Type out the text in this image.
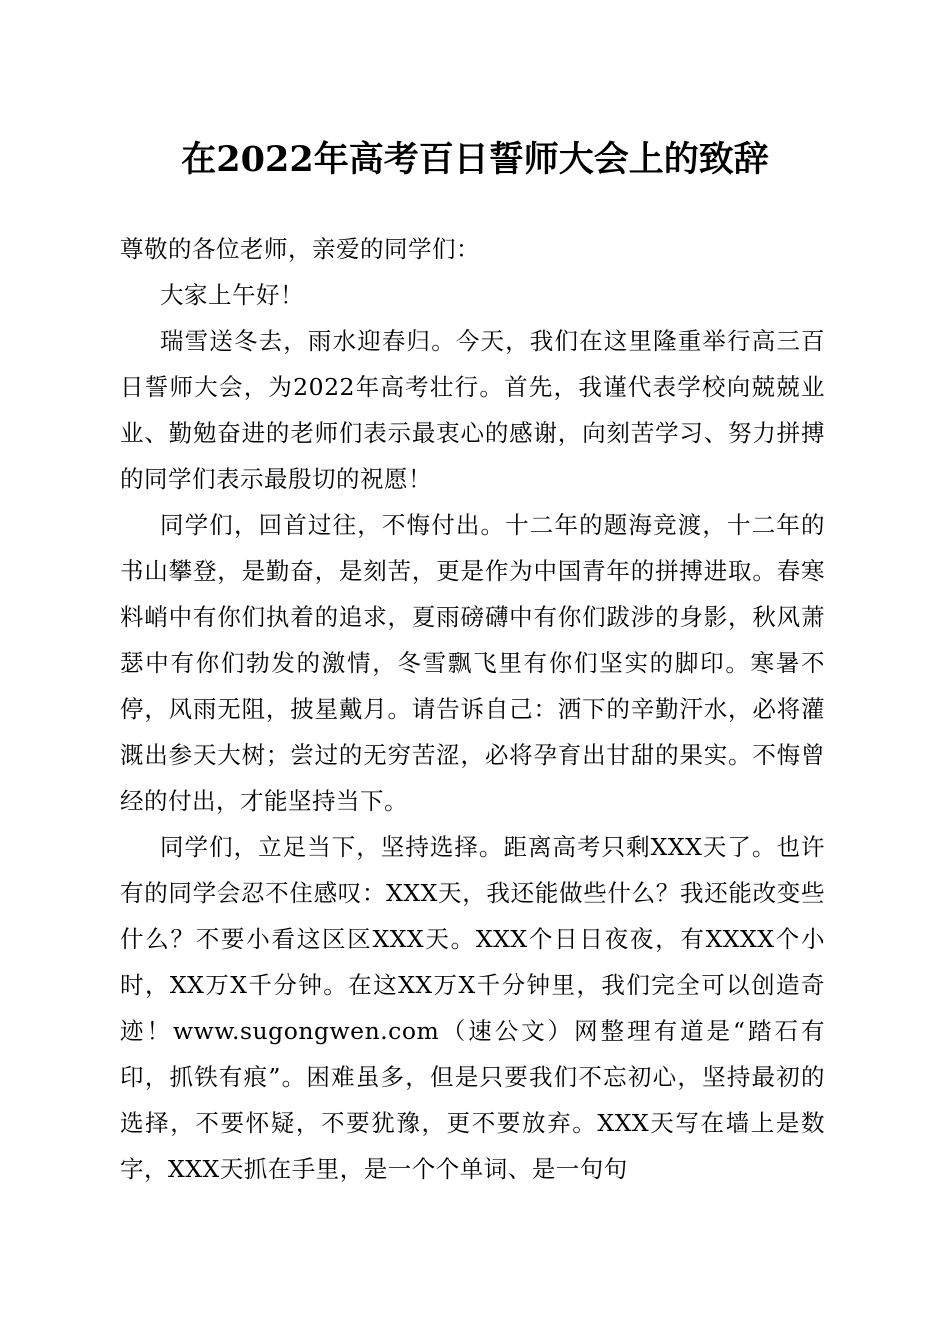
在2022年高考百日誓师大会上的致辞

尊敬的各位老师，亲爱的同学们：

大家上午好！

瑞雪送冬去，雨水迎春归。今天，我们在这里隆重举行高三百日誓师大会，为2022年高考壮行。首先，我谨代表学校向兢兢业业、勤勉奋进的老师们表示最衷心的感谢，向刻苦学习、努力拼搏的同学们表示最殷切的祝愿！

同学们，回首过往，不悔付出。十二年的题海竞渡，十二年的书山攀登，是勤奋，是刻苦，更是作为中国青年的拼搏进取。春寒料峭中有你们执着的追求，夏雨磅礴中有你们跋涉的身影，秋风萧瑟中有你们勃发的激情，冬雪飘飞里有你们坚实的脚印。寒暑不停，风雨无阻，披星戴月。请告诉自己：洒下的辛勤汗水，必将灌溉出参天大树；尝过的无穷苦涩，必将孕育出甘甜的果实。不悔曾经的付出，才能坚持当下。

同学们，立足当下，坚持选择。距离高考只剩XXX天了。也许有的同学会忍不住感叹：XXX天，我还能做些什么？我还能改变些什么？不要小看这区区XXX天。XXX个日日夜夜，有XXXX个小时，XX万X千分钟。在这XX万X千分钟里，我们完全可以创造奇迹！www.sugongwen.com（速公文）网整理有道是“踏石有印，抓铁有痕”。困难虽多，但是只要我们不忘初心，坚持最初的选择，不要怀疑，不要犹豫，更不要放弃。XXX天写在墙上是数字，XXX天抓在手里，是一个个单词、是一句句
